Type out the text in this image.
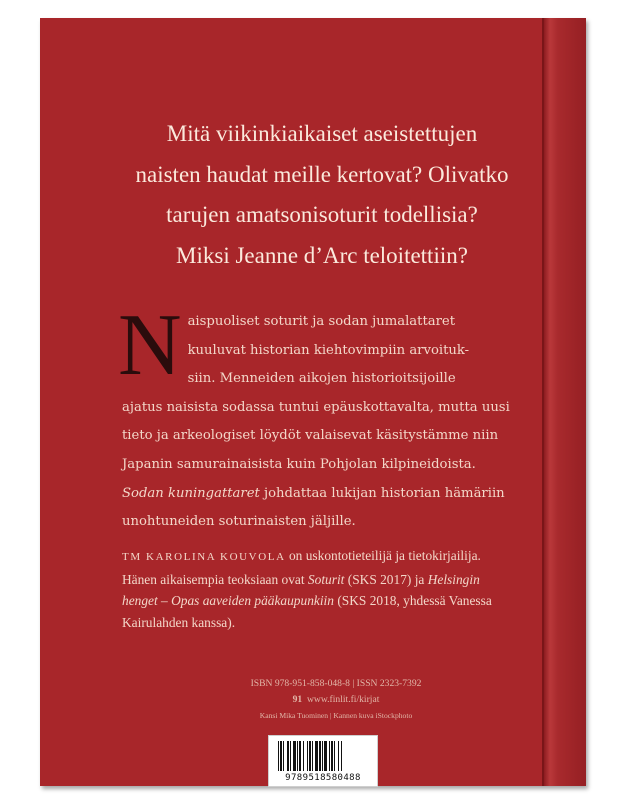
Mitä viikinkiaikaiset aseistettujen
naisten haudat meille kertovat? Olivatko
tarujen amatsonisoturit todellisia?
Miksi Jeanne d’Arc teloitettiin?

N aispuoliset soturit ja sodan jumalattaret
kuuluvat historian kiehtovimpiin arvoituk-
siin. Menneiden aikojen historioitsijoille
ajatus naisista sodassa tuntui epäuskottavalta, mutta uusi
tieto ja arkeologiset löydöt valaisevat käsitystämme niin
Japanin samurainaisista kuin Pohjolan kilpineidoista.
Sodan kuningattaret johdattaa lukijan historian hämäriin
unohtuneiden soturinaisten jäljille.
TM KAROLINA KOUVOLA on uskontotieteilijä ja tietokirjailija.
Hänen aikaisempia teoksiaan ovat Soturit (SKS 2017) ja Helsingin
henget – Opas aaveiden pääkaupunkiin (SKS 2018, yhdessä Vanessa
Kairulahden kanssa).
ISBN 978-951-858-048-8 | ISSN 2323-7392
91 www.finlit.fi/kirjat
Kansi Mika Tuominen | Kannen kuva iStockphoto
9789518580488
